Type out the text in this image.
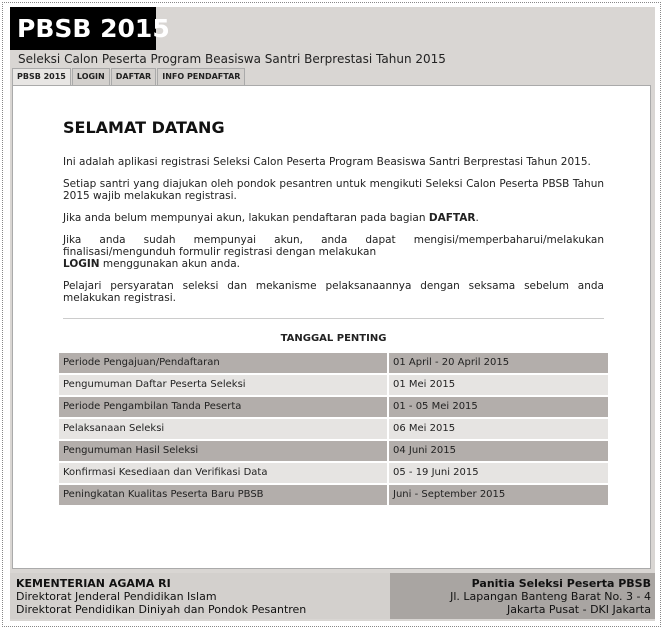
PBSB 2015
Seleksi Calon Peserta Program Beasiswa Santri Berprestasi Tahun 2015
PBSB 2015	LOGIN	DAFTAR	INFO PENDAFTAR
SELAMAT DATANG

Ini adalah aplikasi registrasi Seleksi Calon Peserta Program Beasiswa Santri Berprestasi Tahun 2015.

Setiap santri yang diajukan oleh pondok pesantren untuk mengikuti Seleksi Calon Peserta PBSB Tahun 2015 wajib melakukan registrasi.

Jika anda belum mempunyai akun, lakukan pendaftaran pada bagian DAFTAR.

Jika anda sudah mempunyai akun, anda dapat mengisi/memperbaharui/melakukan finalisasi/mengunduh formulir registrasi dengan melakukan
LOGIN menggunakan akun anda.

Pelajari persyaratan seleksi dan mekanisme pelaksanaannya dengan seksama sebelum anda melakukan registrasi.

TANGGAL PENTING
Periode Pengajuan/Pendaftaran	01 April - 20 April 2015
Pengumuman Daftar Peserta Seleksi	01 Mei 2015
Periode Pengambilan Tanda Peserta	01 - 05 Mei 2015
Pelaksanaan Seleksi	06 Mei 2015
Pengumuman Hasil Seleksi	04 Juni 2015
Konfirmasi Kesediaan dan Verifikasi Data	05 - 19 Juni 2015
Peningkatan Kualitas Peserta Baru PBSB	Juni - September 2015
KEMENTERIAN AGAMA RI
Direktorat Jenderal Pendidikan Islam
Direktorat Pendidikan Diniyah dan Pondok Pesantren
Panitia Seleksi Peserta PBSB
Jl. Lapangan Banteng Barat No. 3 - 4
Jakarta Pusat - DKI Jakarta
